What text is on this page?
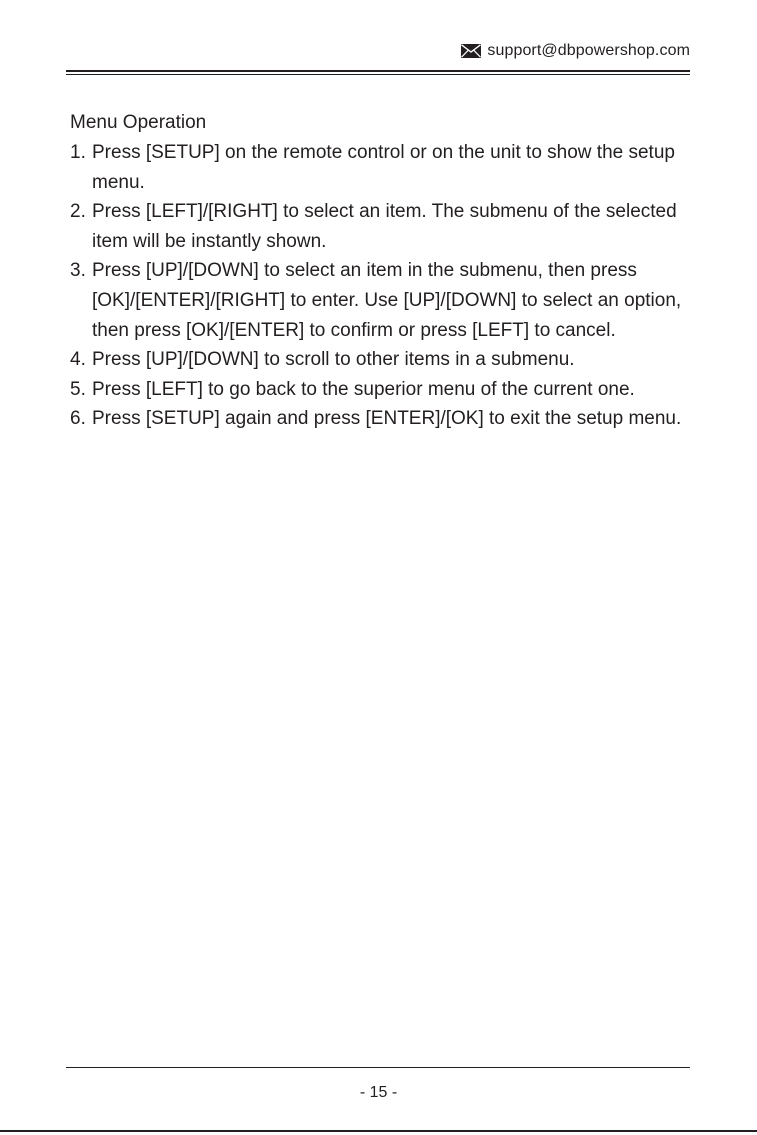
support@dbpowershop.com
Menu Operation
1. Press [SETUP] on the remote control or on the unit to show the setup menu.
2. Press [LEFT]/[RIGHT] to select an item. The submenu of the selected item will be instantly shown.
3. Press [UP]/[DOWN] to select an item in the submenu, then press [OK]/[ENTER]/[RIGHT] to enter. Use [UP]/[DOWN] to select an option, then press [OK]/[ENTER] to confirm or press [LEFT] to cancel.
4. Press [UP]/[DOWN] to scroll to other items in a submenu.
5. Press [LEFT] to go back to the superior menu of the current one.
6. Press [SETUP] again and press [ENTER]/[OK] to exit the setup menu.
- 15 -
